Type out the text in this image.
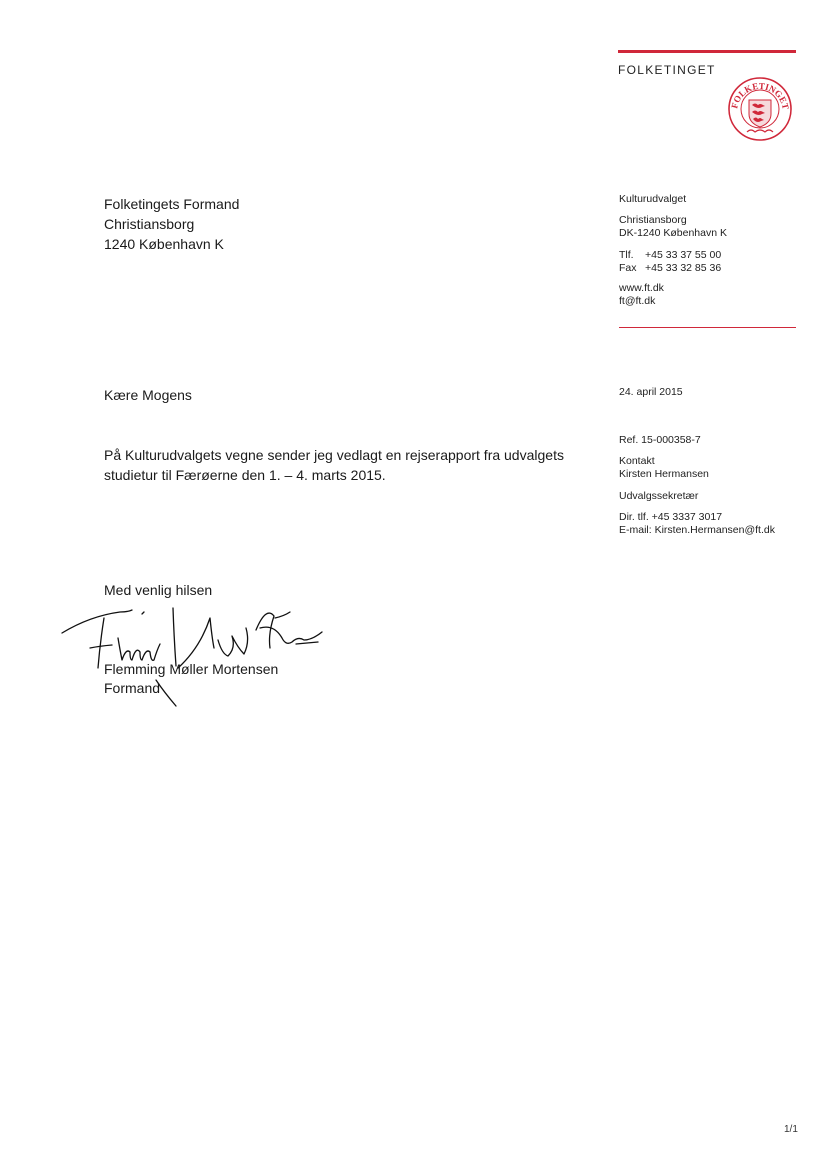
FOLKETINGET
FOLKETINGET
Folketingets Formand
Christiansborg
1240 København K
Kulturudvalget
Christiansborg
DK-1240 København K
Tlf. +45 33 37 55 00
Fax +45 33 32 85 36
www.ft.dk
ft@ft.dk
24. april 2015
Ref. 15-000358-7
Kontakt
Kirsten Hermansen
Udvalgssekretær
Dir. tlf. +45 3337 3017
E-mail: Kirsten.Hermansen@ft.dk
Kære Mogens
På Kulturudvalgets vegne sender jeg vedlagt en rejserapport fra udvalgets
studietur til Færøerne den 1. – 4. marts 2015.
Med venlig hilsen
Flemming Møller Mortensen
Formand
1/1
